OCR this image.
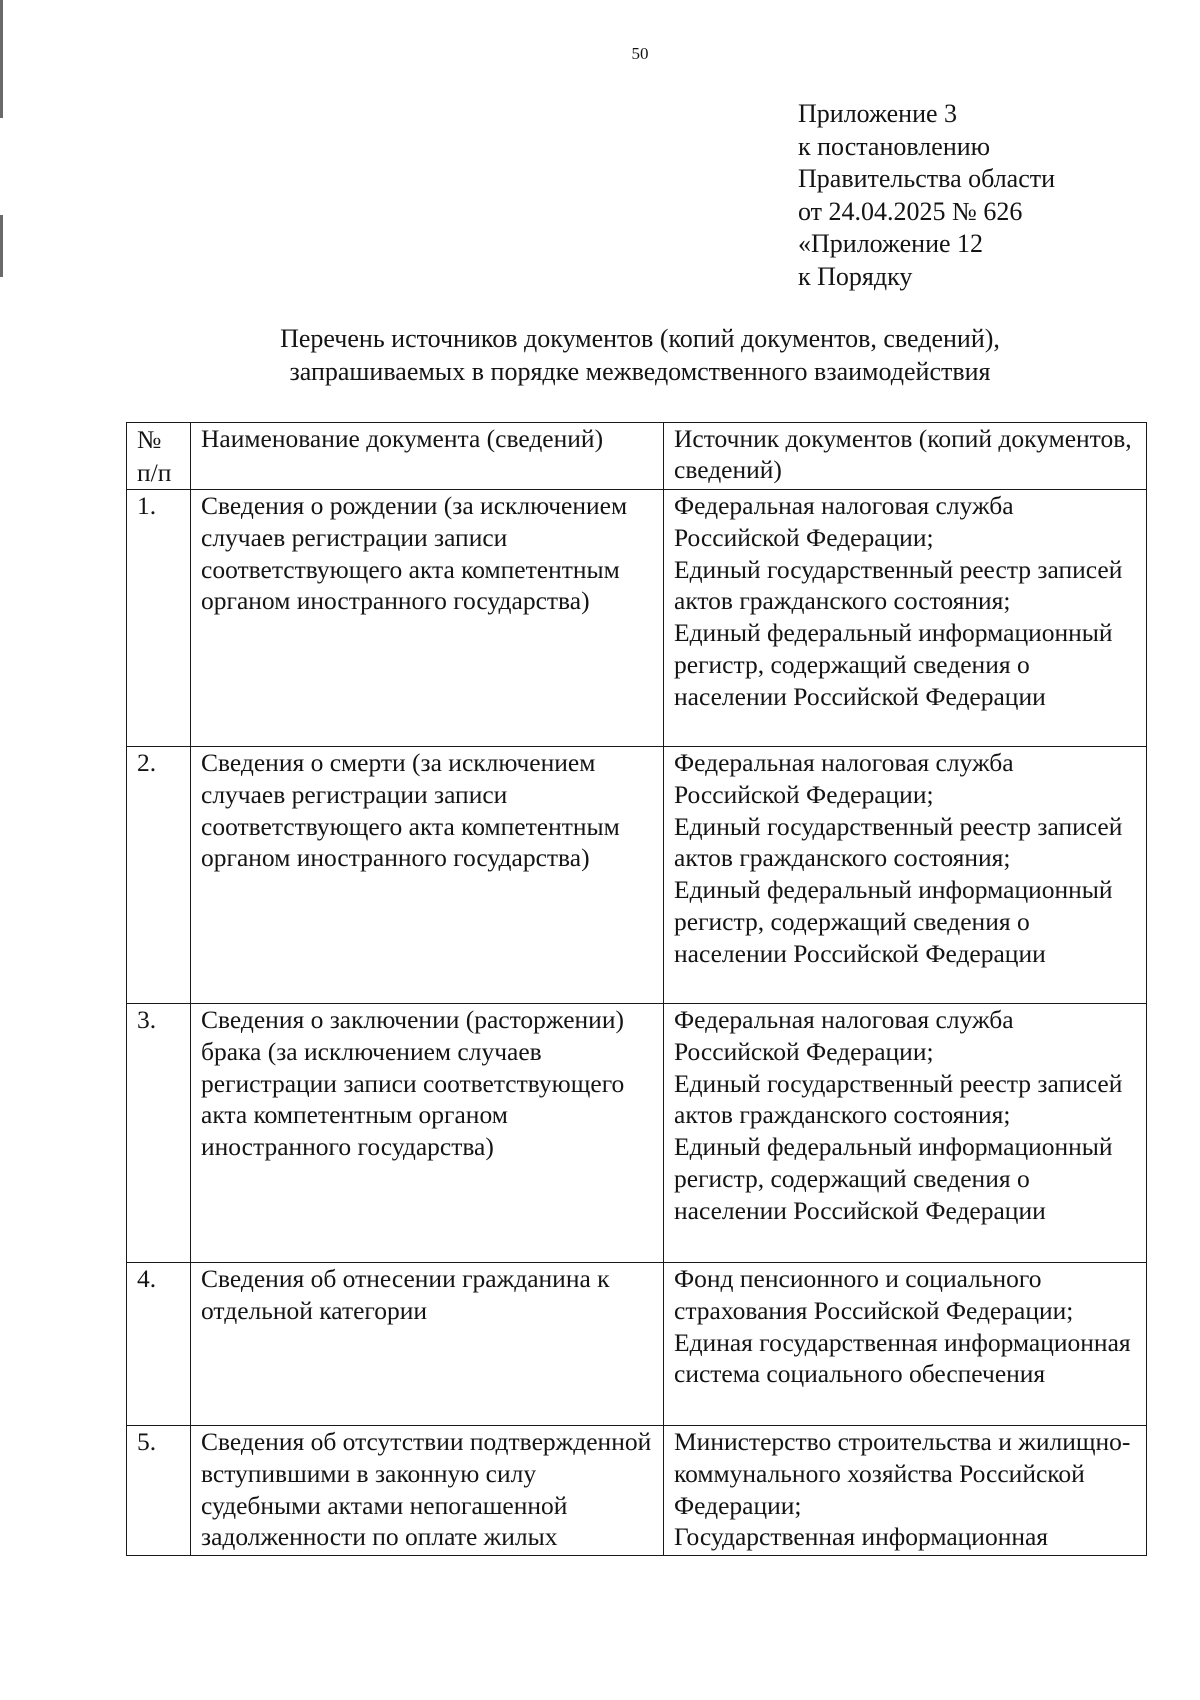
50
Приложение 3
к постановлению
Правительства области
от 24.04.2025 № 626
«Приложение 12
к Порядку
Перечень источников документов (копий документов, сведений),
запрашиваемых в порядке межведомственного взаимодействия
№ п/п	Наименование документа (сведений)	Источник документов (копий документов, сведений)
1.	Сведения о рождении (за исключением случаев регистрации записи соответствующего акта компетентным органом иностранного государства)	Федеральная налоговая служба Российской Федерации;
Единый государственный реестр записей актов гражданского состояния;
Единый федеральный информационный регистр, содержащий сведения о населении Российской Федерации

2.	Сведения о смерти (за исключением случаев регистрации записи соответствующего акта компетентным органом иностранного государства)	Федеральная налоговая служба Российской Федерации;
Единый государственный реестр записей актов гражданского состояния;
Единый федеральный информационный регистр, содержащий сведения о населении Российской Федерации

3.	Сведения о заключении (расторжении) брака (за исключением случаев регистрации записи соответствующего акта компетентным органом иностранного государства)	Федеральная налоговая служба Российской Федерации;
Единый государственный реестр записей актов гражданского состояния;
Единый федеральный информационный регистр, содержащий сведения о населении Российской Федерации

4.	Сведения об отнесении гражданина к отдельной категории	Фонд пенсионного и социального страхования Российской Федерации;
Единая государственная информационная система социального обеспечения

5.	Сведения об отсутствии подтвержденной вступившими в законную силу судебными актами непогашенной задолженности по оплате жилых	Министерство строительства и жилищно-коммунального хозяйства Российской Федерации;
Государственная информационная
